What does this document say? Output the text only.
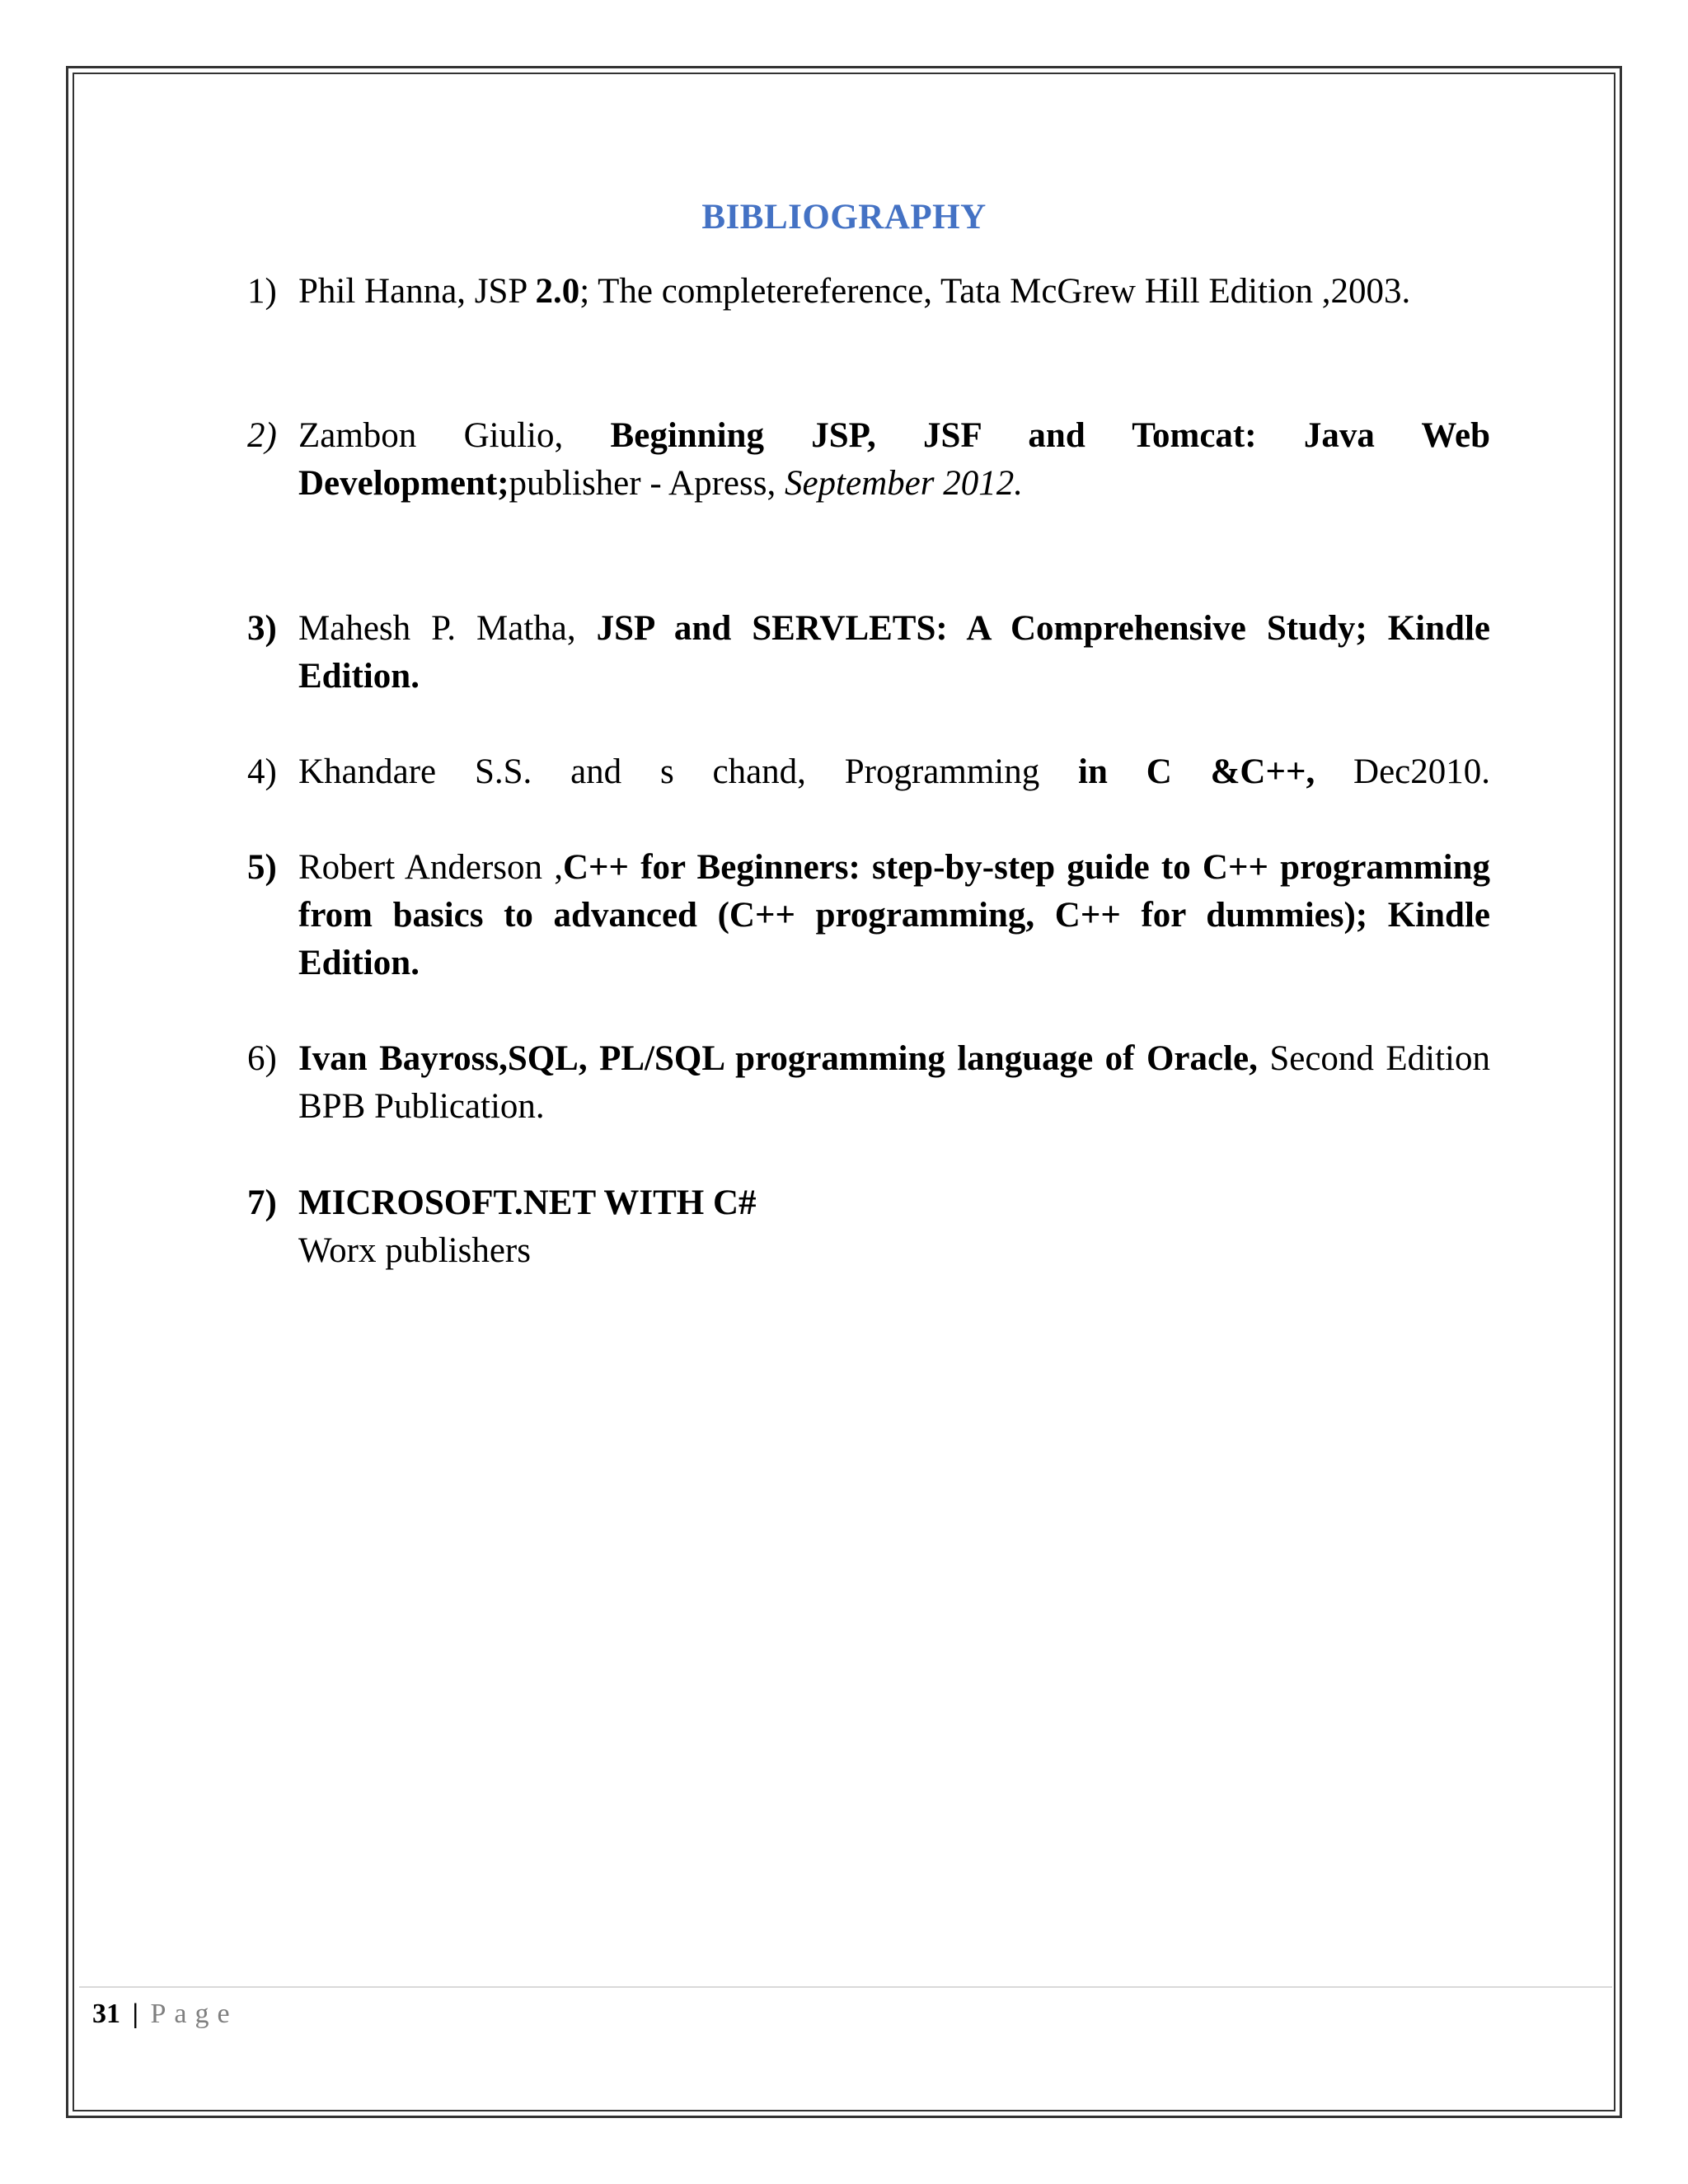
BIBLIOGRAPHY
1) Phil Hanna, JSP 2.0; The completereference, Tata McGrew Hill Edition ,2003.
2) Zambon Giulio, Beginning JSP, JSF and Tomcat: Java Web Development;publisher - Apress, September 2012.
3) Mahesh P. Matha, JSP and SERVLETS: A Comprehensive Study; Kindle Edition.
4) Khandare S.S. and s chand, Programming in C &C++, Dec2010.
5) Robert Anderson ,C++ for Beginners: step-by-step guide to C++ programming from basics to advanced (C++ programming, C++ for dummies); Kindle Edition.
6) Ivan Bayross,SQL, PL/SQL programming language of Oracle, Second Edition BPB Publication.
7) MICROSOFT.NET WITH C#
Worx publishers
31 | Page
